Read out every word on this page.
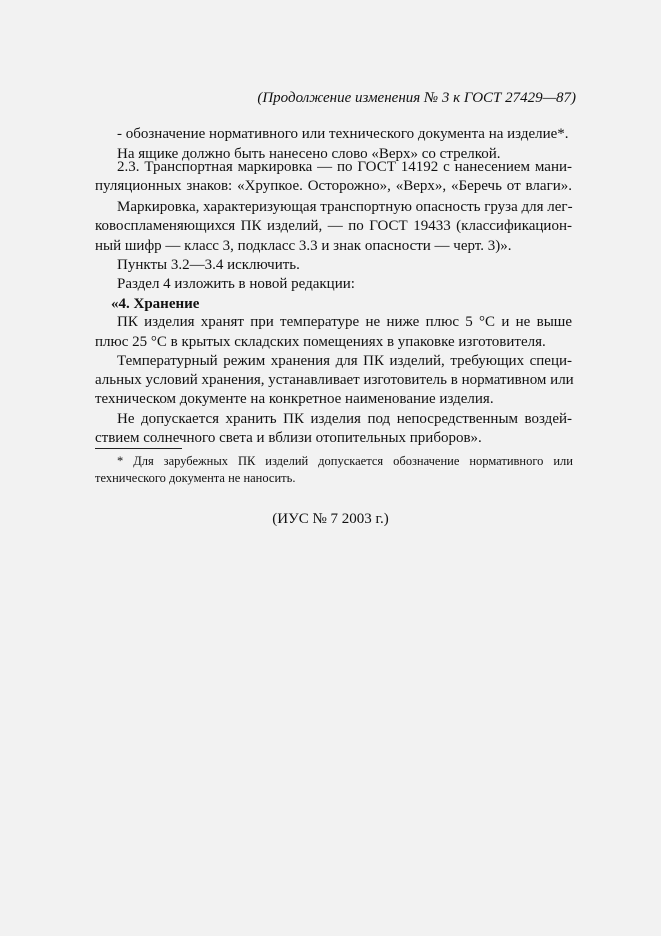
(Продолжение изменения № 3 к ГОСТ 27429—87)
- обозначение нормативного или технического документа на изделие*.
На ящике должно быть нанесено слово «Верх» со стрелкой.
2.3. Транспортная маркировка — по ГОСТ 14192 с нанесением мани-
пуляционных знаков: «Хрупкое. Осторожно», «Верх», «Беречь от влаги».
Маркировка, характеризующая транспортную опасность груза для лег-
ковоспламеняющихся ПК изделий, — по ГОСТ 19433 (классификацион-
ный шифр — класс 3, подкласс 3.3 и знак опасности — черт. 3)».
Пункты 3.2—3.4 исключить.
Раздел 4 изложить в новой редакции:
«4. Хранение
ПК изделия хранят при температуре не ниже плюс 5 °С и не выше
плюс 25 °С в крытых складских помещениях в упаковке изготовителя.
Температурный режим хранения для ПК изделий, требующих специ-
альных условий хранения, устанавливает изготовитель в нормативном или
техническом документе на конкретное наименование изделия.
Не допускается хранить ПК изделия под непосредственным воздей-
ствием солнечного света и вблизи отопительных приборов».
* Для зарубежных ПК изделий допускается обозначение нормативного или
технического документа не наносить.
(ИУС № 7 2003 г.)
